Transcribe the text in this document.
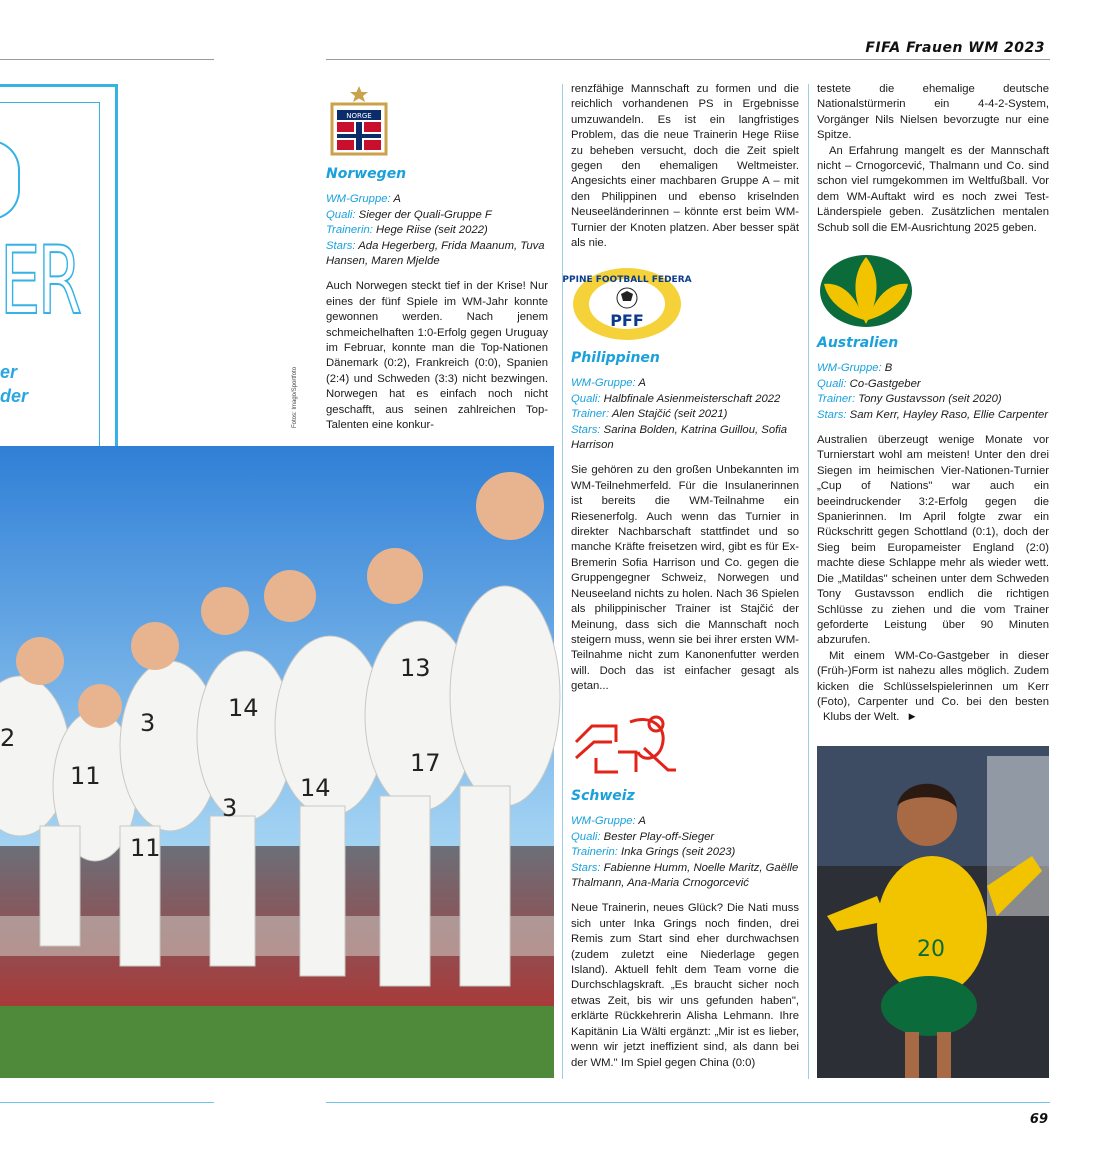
FIFA Frauen WM 2023
ER
er
der
2
11
3
14
17
13
3
14
11
Fotos: Imago/Sportfoto
NORGE
Norwegen
WM-Gruppe: A
Quali: Sieger der Quali-Gruppe F
Trainerin: Hege Riise (seit 2022)
Stars: Ada Hegerberg, Frida Maanum, Tuva Hansen, Maren Mjelde

Auch Norwegen steckt tief in der Krise! Nur eines der fünf Spiele im WM-Jahr konnte gewonnen werden. Nach jenem schmeichelhaften 1:0-Erfolg gegen Uruguay im Februar, konnte man die Top-Nationen Dänemark (0:2), Frankreich (0:0), Spanien (2:4) und Schweden (3:3) nicht bezwingen. Norwegen hat es einfach noch nicht geschafft, aus seinen zahlreichen Top-Talenten eine konkur-

renzfähige Mannschaft zu formen und die reichlich vorhandenen PS in Ergebnisse umzuwandeln. Es ist ein langfristiges Problem, das die neue Trainerin Hege Riise zu beheben versucht, doch die Zeit spielt gegen den ehemaligen Weltmeister. Angesichts einer machbaren Gruppe A – mit den Philippinen und ebenso kriselnden Neuseeländerinnen – könnte erst beim WM-Turnier der Knoten platzen. Aber besser spät als nie.

PPINE FOOTBALL FEDERA
PFF
Philippinen
WM-Gruppe: A
Quali: Halbfinale Asienmeisterschaft 2022
Trainer: Alen Stajčić (seit 2021)
Stars: Sarina Bolden, Katrina Guillou, Sofia Harrison

Sie gehören zu den großen Unbekannten im WM-Teilnehmerfeld. Für die Insulanerinnen ist bereits die WM-Teilnahme ein Riesenerfolg. Auch wenn das Turnier in direkter Nachbarschaft stattfindet und so manche Kräfte freisetzen wird, gibt es für Ex-Bremerin Sofia Harrison und Co. gegen die Gruppengegner Schweiz, Norwegen und Neuseeland nichts zu holen. Nach 36 Spielen als philippinischer Trainer ist Stajčić der Meinung, dass sich die Mannschaft noch steigern muss, wenn sie bei ihrer ersten WM-Teilnahme nicht zum Kanonenfutter werden will. Doch das ist einfacher gesagt als getan...

Schweiz
WM-Gruppe: A
Quali: Bester Play-off-Sieger
Trainerin: Inka Grings (seit 2023)
Stars: Fabienne Humm, Noelle Maritz, Gaëlle Thalmann, Ana-Maria Crnogorcević

Neue Trainerin, neues Glück? Die Nati muss sich unter Inka Grings noch finden, drei Remis zum Start sind eher durchwachsen (zudem zuletzt eine Niederlage gegen Island). Aktuell fehlt dem Team vorne die Durchschlagskraft. „Es braucht sicher noch etwas Zeit, bis wir uns gefunden haben", erklärte Rückkehrerin Alisha Lehmann. Ihre Kapitänin Lia Wälti ergänzt: „Mir ist es lieber, wenn wir jetzt ineffizient sind, als dann bei der WM." Im Spiel gegen China (0:0)

testete die ehemalige deutsche Nationalstürmerin ein 4-4-2-System, Vorgänger Nils Nielsen bevorzugte nur eine Spitze.

An Erfahrung mangelt es der Mannschaft nicht – Crnogorcević, Thalmann und Co. sind schon viel rumgekommen im Weltfußball. Vor dem WM-Auftakt wird es noch zwei Test-Länderspiele geben. Zusätzlichen mentalen Schub soll die EM-Ausrichtung 2025 geben.

Australien
WM-Gruppe: B
Quali: Co-Gastgeber
Trainer: Tony Gustavsson (seit 2020)
Stars: Sam Kerr, Hayley Raso, Ellie Carpenter

Australien überzeugt wenige Monate vor Turnierstart wohl am meisten! Unter den drei Siegen im heimischen Vier-Nationen-Turnier „Cup of Nations" war auch ein beeindruckender 3:2-Erfolg gegen die Spanierinnen. Im April folgte zwar ein Rückschritt gegen Schottland (0:1), doch der Sieg beim Europameister England (2:0) machte diese Schlappe mehr als wieder wett. Die „Matildas" scheinen unter dem Schweden Tony Gustavsson endlich die richtigen Schlüsse zu ziehen und die vom Trainer geforderte Leistung über 90 Minuten abzurufen.

Mit einem WM-Co-Gastgeber in dieser (Früh-)Form ist nahezu alles möglich. Zudem kicken die Schlüsselspielerinnen um Kerr (Foto), Carpenter und Co. bei den besten Klubs der Welt. ►

20
69
